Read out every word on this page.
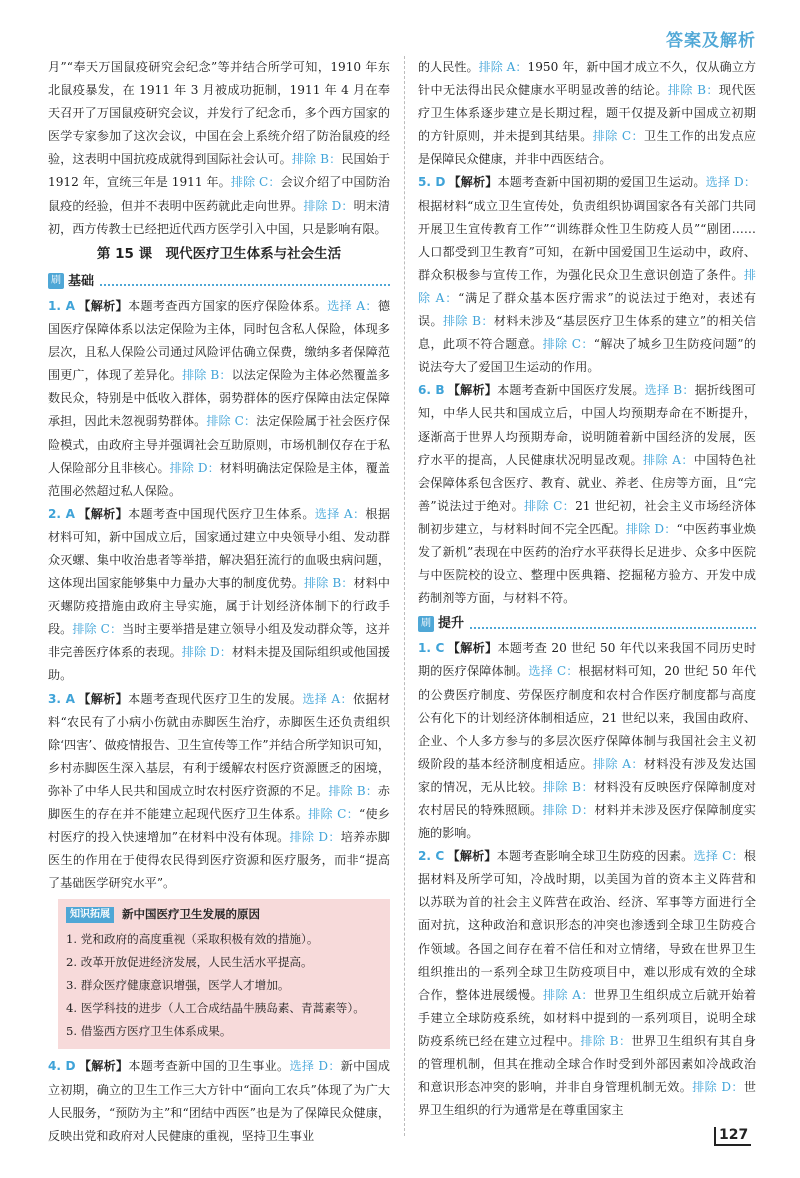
答案及解析

月”“奉天万国鼠疫研究会纪念”等并结合所学可知，1910 年东北鼠疫暴发，在 1911 年 3 月被成功扼制，1911 年 4 月在奉天召开了万国鼠疫研究会议，并发行了纪念币，多个西方国家的医学专家参加了这次会议，中国在会上系统介绍了防治鼠疫的经验，这表明中国抗疫成就得到国际社会认可。排除 B：民国始于 1912 年，宣统三年是 1911 年。排除 C：会议介绍了中国防治鼠疫的经验，但并不表明中医药就此走向世界。排除 D：明末清初，西方传教士已经把近代西方医学引入中国，只是影响有限。

第 15 课　现代医疗卫生体系与社会生活
刷 基础

1. A 【解析】本题考查西方国家的医疗保险体系。选择 A：德国医疗保障体系以法定保险为主体，同时包含私人保险，体现多层次，且私人保险公司通过风险评估确立保费，缴纳多者保障范围更广，体现了差异化。排除 B：以法定保险为主体必然覆盖多数民众，特别是中低收入群体，弱势群体的医疗保障由法定保障承担，因此未忽视弱势群体。排除 C：法定保险属于社会医疗保险模式，由政府主导并强调社会互助原则，市场机制仅存在于私人保险部分且非核心。排除 D：材料明确法定保险是主体，覆盖范围必然超过私人保险。

2. A 【解析】本题考查中国现代医疗卫生体系。选择 A：根据材料可知，新中国成立后，国家通过建立中央领导小组、发动群众灭螺、集中收治患者等举措，解决猖狂流行的血吸虫病问题，这体现出国家能够集中力量办大事的制度优势。排除 B：材料中灭螺防疫措施由政府主导实施，属于计划经济体制下的行政手段。排除 C：当时主要举措是建立领导小组及发动群众等，这并非完善医疗体系的表现。排除 D：材料未提及国际组织或他国援助。

3. A 【解析】本题考查现代医疗卫生的发展。选择 A：依据材料“农民有了小病小伤就由赤脚医生治疗，赤脚医生还负责组织除‘四害’、做疫情报告、卫生宣传等工作”并结合所学知识可知，乡村赤脚医生深入基层，有利于缓解农村医疗资源匮乏的困境，弥补了中华人民共和国成立时农村医疗资源的不足。排除 B：赤脚医生的存在并不能建立起现代医疗卫生体系。排除 C：“使乡村医疗的投入快速增加”在材料中没有体现。排除 D：培养赤脚医生的作用在于使得农民得到医疗资源和医疗服务，而非“提高了基础医学研究水平”。

知识拓展	新中国医疗卫生发展的原因
1. 党和政府的高度重视（采取积极有效的措施）。
2. 改革开放促进经济发展，人民生活水平提高。
3. 群众医疗健康意识增强，医学人才增加。
4. 医学科技的进步（人工合成结晶牛胰岛素、青蒿素等）。
5. 借鉴西方医疗卫生体系成果。

4. D 【解析】本题考查新中国的卫生事业。选择 D：新中国成立初期，确立的卫生工作三大方针中“面向工农兵”体现了为广大人民服务，“预防为主”和“团结中西医”也是为了保障民众健康，反映出党和政府对人民健康的重视，坚持卫生事业

的人民性。排除 A：1950 年，新中国才成立不久，仅从确立方针中无法得出民众健康水平明显改善的结论。排除 B：现代医疗卫生体系逐步建立是长期过程，题干仅提及新中国成立初期的方针原则，并未提到其结果。排除 C：卫生工作的出发点应是保障民众健康，并非中西医结合。

5. D 【解析】本题考查新中国初期的爱国卫生运动。选择 D：根据材料“成立卫生宣传处，负责组织协调国家各有关部门共同开展卫生宣传教育工作”“训练群众性卫生防疫人员”“剧团……人口都受到卫生教育”可知，在新中国爱国卫生运动中，政府、群众积极参与宣传工作，为强化民众卫生意识创造了条件。排除 A：“满足了群众基本医疗需求”的说法过于绝对，表述有误。排除 B：材料未涉及“基层医疗卫生体系的建立”的相关信息，此项不符合题意。排除 C：“解决了城乡卫生防疫问题”的说法夸大了爱国卫生运动的作用。

6. B 【解析】本题考查新中国医疗发展。选择 B：据折线图可知，中华人民共和国成立后，中国人均预期寿命在不断提升，逐渐高于世界人均预期寿命，说明随着新中国经济的发展，医疗水平的提高，人民健康状况明显改观。排除 A：中国特色社会保障体系包含医疗、教育、就业、养老、住房等方面，且“完善”说法过于绝对。排除 C：21 世纪初，社会主义市场经济体制初步建立，与材料时间不完全匹配。排除 D：“中医药事业焕发了新机”表现在中医药的治疗水平获得长足进步、众多中医院与中医院校的设立、整理中医典籍、挖掘秘方验方、开发中成药制剂等方面，与材料不符。

刷 提升

1. C 【解析】本题考查 20 世纪 50 年代以来我国不同历史时期的医疗保障体制。选择 C：根据材料可知，20 世纪 50 年代的公费医疗制度、劳保医疗制度和农村合作医疗制度都与高度公有化下的计划经济体制相适应，21 世纪以来，我国由政府、企业、个人多方参与的多层次医疗保障体制与我国社会主义初级阶段的基本经济制度相适应。排除 A：材料没有涉及发达国家的情况，无从比较。排除 B：材料没有反映医疗保障制度对农村居民的特殊照顾。排除 D：材料并未涉及医疗保障制度实施的影响。

2. C 【解析】本题考查影响全球卫生防疫的因素。选择 C：根据材料及所学可知，冷战时期，以美国为首的资本主义阵营和以苏联为首的社会主义阵营在政治、经济、军事等方面进行全面对抗，这种政治和意识形态的冲突也渗透到全球卫生防疫合作领域。各国之间存在着不信任和对立情绪，导致在世界卫生组织推出的一系列全球卫生防疫项目中，难以形成有效的全球合作，整体进展缓慢。排除 A：世界卫生组织成立后就开始着手建立全球防疫系统，如材料中提到的一系列项目，说明全球防疫系统已经在建立过程中。排除 B：世界卫生组织有其自身的管理机制，但其在推动全球合作时受到外部因素如冷战政治和意识形态冲突的影响，并非自身管理机制无效。排除 D：世界卫生组织的行为通常是在尊重国家主

127
